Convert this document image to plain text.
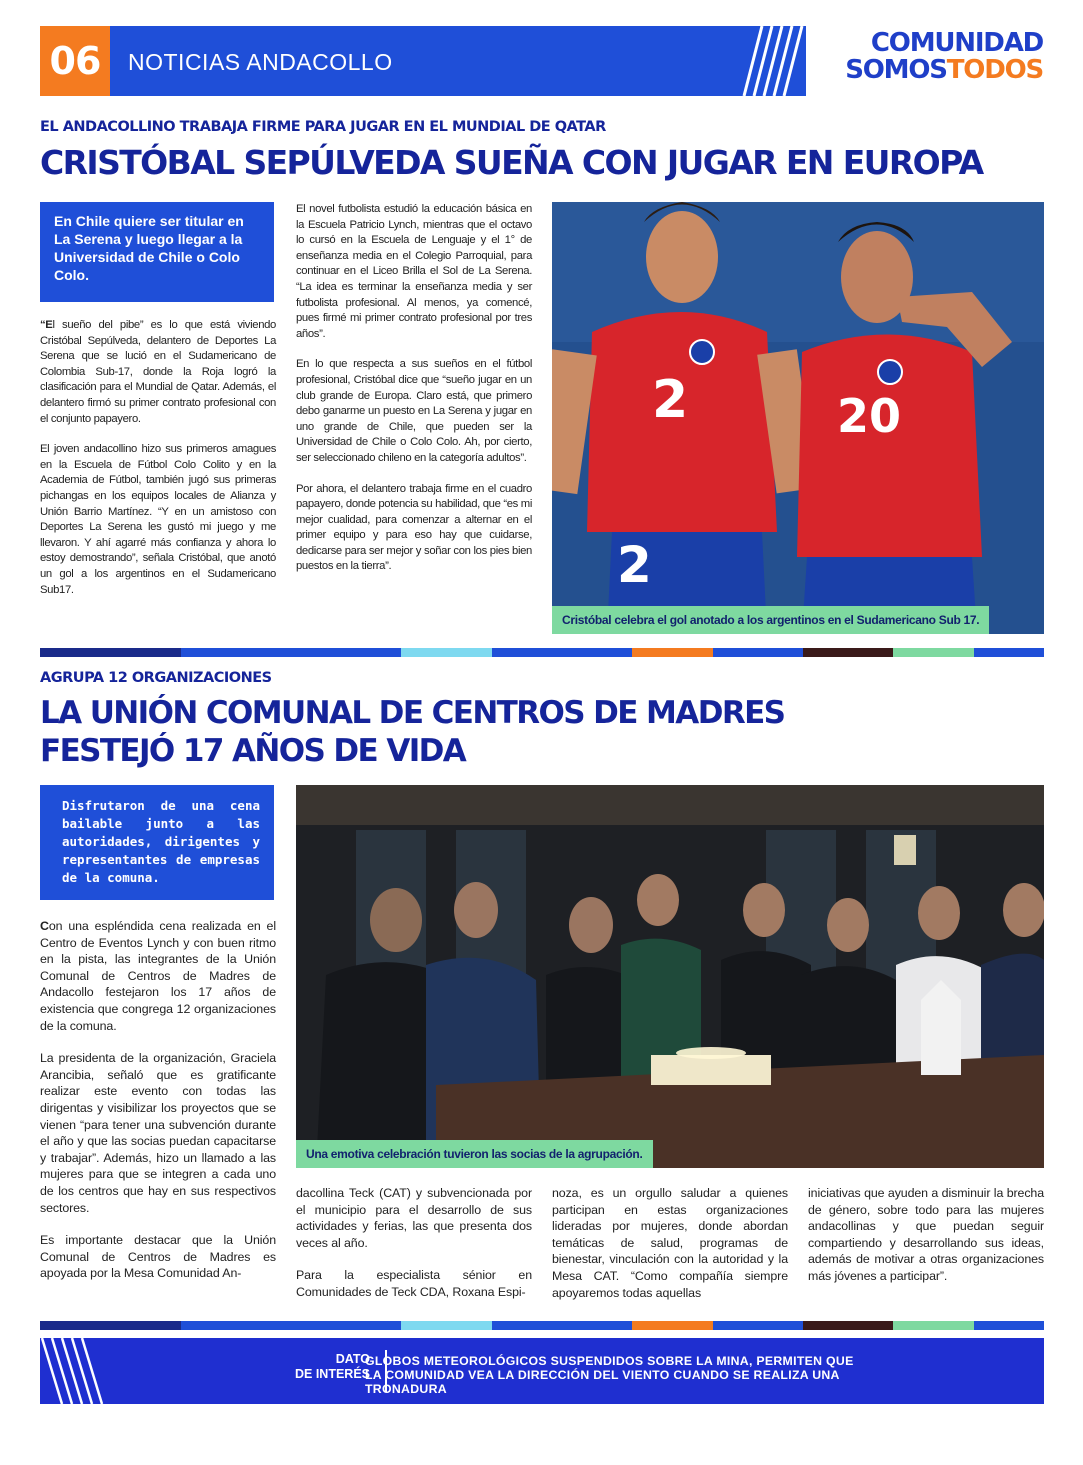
06	NOTICIAS ANDACOLLO
COMUNIDAD
SOMOSTODOS
EL ANDACOLLINO TRABAJA FIRME PARA JUGAR EN EL MUNDIAL DE QATAR
CRISTÓBAL SEPÚLVEDA SUEÑA CON JUGAR EN EUROPA
En Chile quiere ser titular en La Serena y luego llegar a la Universidad de Chile o Colo Colo.

“El sueño del pibe” es lo que está viviendo Cristóbal Sepúlveda, delantero de Deportes La Serena que se lució en el Sudamericano de Colombia Sub-17, donde la Roja logró la clasificación para el Mundial de Qatar. Además, el delantero firmó su primer contrato profesional con el conjunto papayero.

El joven andacollino hizo sus primeros amagues en la Escuela de Fútbol Colo Colito y en la Academia de Fútbol, también jugó sus primeras pichangas en los equipos locales de Alianza y Unión Barrio Martínez. “Y en un amistoso con Deportes La Serena les gustó mi juego y me llevaron. Y ahí agarré más confianza y ahora lo estoy demostrando”, señala Cristóbal, que anotó un gol a los argentinos en el Sudamericano Sub17.

El novel futbolista estudió la educación básica en la Escuela Patricio Lynch, mientras que el octavo lo cursó en la Escuela de Lenguaje y el 1° de enseñanza media en el Colegio Parroquial, para continuar en el Liceo Brilla el Sol de La Serena. “La idea es terminar la enseñanza media y ser futbolista profesional. Al menos, ya comencé, pues firmé mi primer contrato profesional por tres años”.

En lo que respecta a sus sueños en el fútbol profesional, Cristóbal dice que “sueño jugar en un club grande de Europa. Claro está, que primero debo ganarme un puesto en La Serena y jugar en uno grande de Chile, que pueden ser la Universidad de Chile o Colo Colo. Ah, por cierto, ser seleccionado chileno en la categoría adultos”.

Por ahora, el delantero trabaja firme en el cuadro papayero, donde potencia su habilidad, que “es mi mejor cualidad, para comenzar a alternar en el primer equipo y para eso hay que cuidarse, dedicarse para ser mejor y soñar con los pies bien puestos en la tierra”.

2
2
20
Cristóbal celebra el gol anotado a los argentinos en el Sudamericano Sub 17.
AGRUPA 12 ORGANIZACIONES
LA UNIÓN COMUNAL DE CENTROS DE MADRES
FESTEJÓ 17 AÑOS DE VIDA
Disfrutaron de una cena bailable junto a las autoridades, dirigentes y representantes de empresas de la comuna.

Con una espléndida cena realizada en el Centro de Eventos Lynch y con buen ritmo en la pista, las integrantes de la Unión Comunal de Centros de Madres de Andacollo festejaron los 17 años de existencia que congrega 12 organizaciones de la comuna.

La presidenta de la organización, Graciela Arancibia, señaló que es gratificante realizar este evento con todas las dirigentas y visibilizar los proyectos que se vienen “para tener una subvención durante el año y que las socias puedan capacitarse y trabajar”. Además, hizo un llamado a las mujeres para que se integren a cada uno de los centros que hay en sus respectivos sectores.

Es importante destacar que la Unión Comunal de Centros de Madres es apoyada por la Mesa Comunidad An-

Una emotiva celebración tuvieron las socias de la agrupación.

dacollina Teck (CAT) y subvencionada por el municipio para el desarrollo de sus actividades y ferias, las que presenta dos veces al año.

Para la especialista sénior en Comunidades de Teck CDA, Roxana Espi-

noza, es un orgullo saludar a quienes participan en estas organizaciones lideradas por mujeres, donde abordan temáticas de salud, programas de bienestar, vinculación con la autoridad y la Mesa CAT. “Como compañía siempre apoyaremos todas aquellas

iniciativas que ayuden a disminuir la brecha de género, sobre todo para las mujeres andacollinas y que puedan seguir compartiendo y desarrollando sus ideas, además de motivar a otras organizaciones más jóvenes a participar”.

DATO
DE INTERÉS
GLOBOS METEOROLÓGICOS SUSPENDIDOS SOBRE LA MINA, PERMITEN QUE LA COMUNIDAD VEA LA DIRECCIÓN DEL VIENTO CUANDO SE REALIZA UNA TRONADURA
